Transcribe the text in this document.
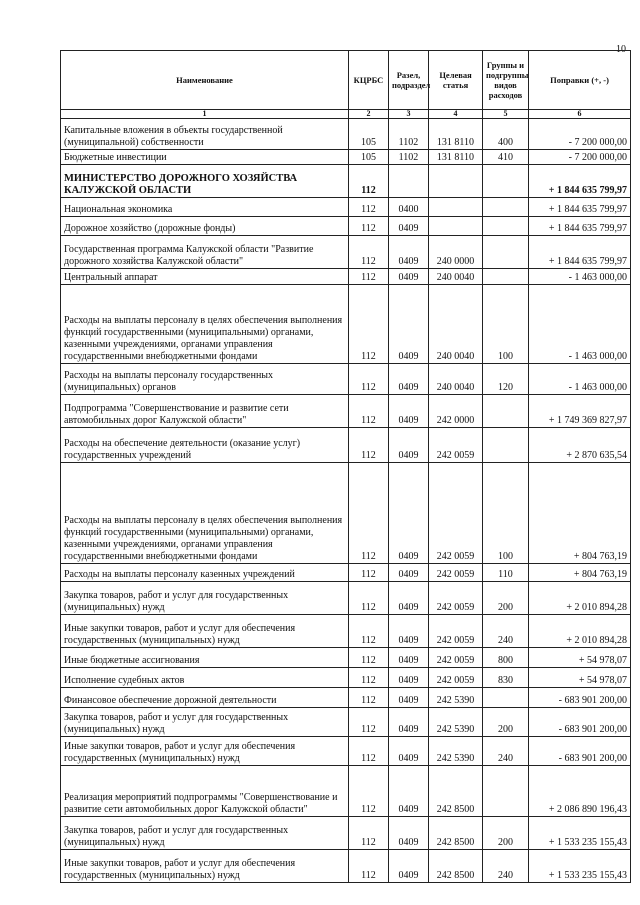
10
Наименование	КЦРБС	Разел, подраздел	Целевая статья	Группы и подгруппы видов расходов	Поправки (+, -)
1	2	3	4	5	6
Капитальные вложения в объекты государственной (муниципальной) собственности	105	1102	131 8110	400	- 7 200 000,00
Бюджетные инвестиции	105	1102	131 8110	410	- 7 200 000,00
МИНИСТЕРСТВО ДОРОЖНОГО ХОЗЯЙСТВА КАЛУЖСКОЙ ОБЛАСТИ	112				+ 1 844 635 799,97
Национальная экономика	112	0400			+ 1 844 635 799,97
Дорожное хозяйство (дорожные фонды)	112	0409			+ 1 844 635 799,97
Государственная программа Калужской области "Развитие дорожного хозяйства Калужской области"	112	0409	240 0000		+ 1 844 635 799,97
Центральный аппарат	112	0409	240 0040		- 1 463 000,00
Расходы на выплаты персоналу в целях обеспечения выполнения функций государственными (муниципальными) органами, казенными учреждениями, органами управления государственными внебюджетными фондами	112	0409	240 0040	100	- 1 463 000,00
Расходы на выплаты персоналу государственных (муниципальных) органов	112	0409	240 0040	120	- 1 463 000,00
Подпрограмма "Совершенствование и развитие сети автомобильных дорог Калужской области"	112	0409	242 0000		+ 1 749 369 827,97
Расходы на обеспечение деятельности (оказание услуг) государственных учреждений	112	0409	242 0059		+ 2 870 635,54
Расходы на выплаты персоналу в целях обеспечения выполнения функций государственными (муниципальными) органами, казенными учреждениями, органами управления государственными внебюджетными фондами	112	0409	242 0059	100	+ 804 763,19
Расходы на выплаты персоналу казенных учреждений	112	0409	242 0059	110	+ 804 763,19
Закупка товаров, работ и услуг для государственных (муниципальных) нужд	112	0409	242 0059	200	+ 2 010 894,28
Иные закупки товаров, работ и услуг для обеспечения государственных (муниципальных) нужд	112	0409	242 0059	240	+ 2 010 894,28
Иные бюджетные ассигнования	112	0409	242 0059	800	+ 54 978,07
Исполнение судебных актов	112	0409	242 0059	830	+ 54 978,07
Финансовое обеспечение дорожной деятельности	112	0409	242 5390		- 683 901 200,00
Закупка товаров, работ и услуг для государственных (муниципальных) нужд	112	0409	242 5390	200	- 683 901 200,00
Иные закупки товаров, работ и услуг для обеспечения государственных (муниципальных) нужд	112	0409	242 5390	240	- 683 901 200,00
Реализация мероприятий подпрограммы "Совершенствование и развитие сети автомобильных дорог Калужской области"	112	0409	242 8500		+ 2 086 890 196,43
Закупка товаров, работ и услуг для государственных (муниципальных) нужд	112	0409	242 8500	200	+ 1 533 235 155,43
Иные закупки товаров, работ и услуг для обеспечения государственных (муниципальных) нужд	112	0409	242 8500	240	+ 1 533 235 155,43
